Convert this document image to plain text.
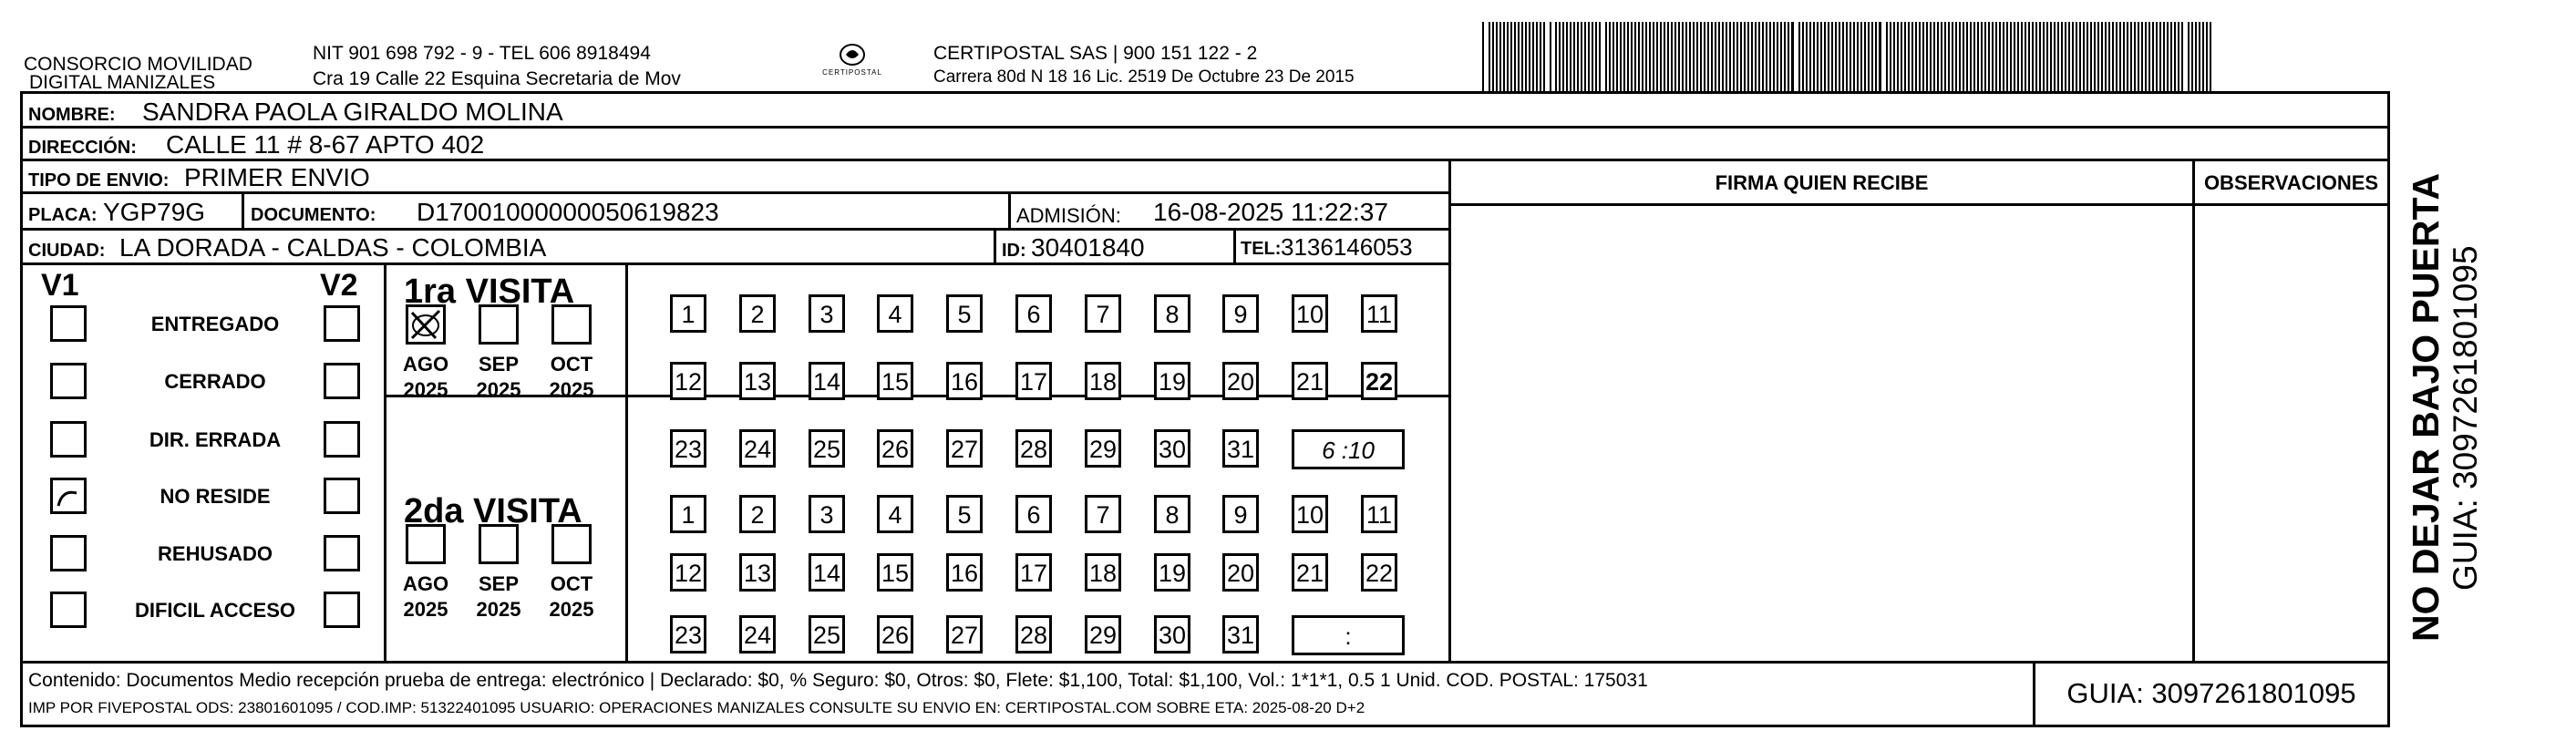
CONSORCIO MOVILIDAD
DIGITAL MANIZALES
NIT 901 698 792 - 9 - TEL 606 8918494
Cra 19 Calle 22 Esquina Secretaria de Mov	CERTIPOSTAL
CERTIPOSTAL SAS | 900 151 122 - 2
Carrera 80d N 18 16 Lic. 2519 De Octubre 23 De 2015
NOMBRE: SANDRA PAOLA GIRALDO MOLINA
DIRECCIÓN: CALLE 11 # 8-67 APTO 402
TIPO DE ENVIO: PRIMER ENVIO
PLACA: YGP79G DOCUMENTO: D17001000000050619823	ADMISIÓN: 16-08-2025 11:22:37
CIUDAD: LA DORADA - CALDAS - COLOMBIA	ID: 30401840	TEL: 3136146053
FIRMA QUIEN RECIBE	OBSERVACIONES
V1	V2
ENTREGADO
CERRADO
DIR. ERRADA
NO RESIDE
REHUSADO
DIFICIL ACCESO
1ra VISITA
2da VISITA
AGO
2025
SEP
2025
OCT
2025
AGO
2025
SEP
2025
OCT
2025
1	2	3	4	5	6	7	8	9	10 11
12 13 14 15 16 17 18 19 20 21 22
23 24 25 26 27 28 29 30 31	6 :10
1	2	3	4	5	6	7	8	9	10 11
12 13 14 15 16 17 18 19 20 21 22
23 24 25 26 27 28 29 30 31	:
Contenido: Documentos Medio recepción prueba de entrega: electrónico | Declarado: $0, % Seguro: $0, Otros: $0, Flete: $1,100, Total: $1,100, Vol.: 1*1*1, 0.5 1 Unid. COD. POSTAL: 175031
IMP POR FIVEPOSTAL ODS: 23801601095 / COD.IMP: 51322401095 USUARIO: OPERACIONES MANIZALES CONSULTE SU ENVIO EN: CERTIPOSTAL.COM SOBRE ETA: 2025-08-20 D+2	GUIA: 3097261801095
NO DEJAR BAJO PUERTA GUIA: 3097261801095
